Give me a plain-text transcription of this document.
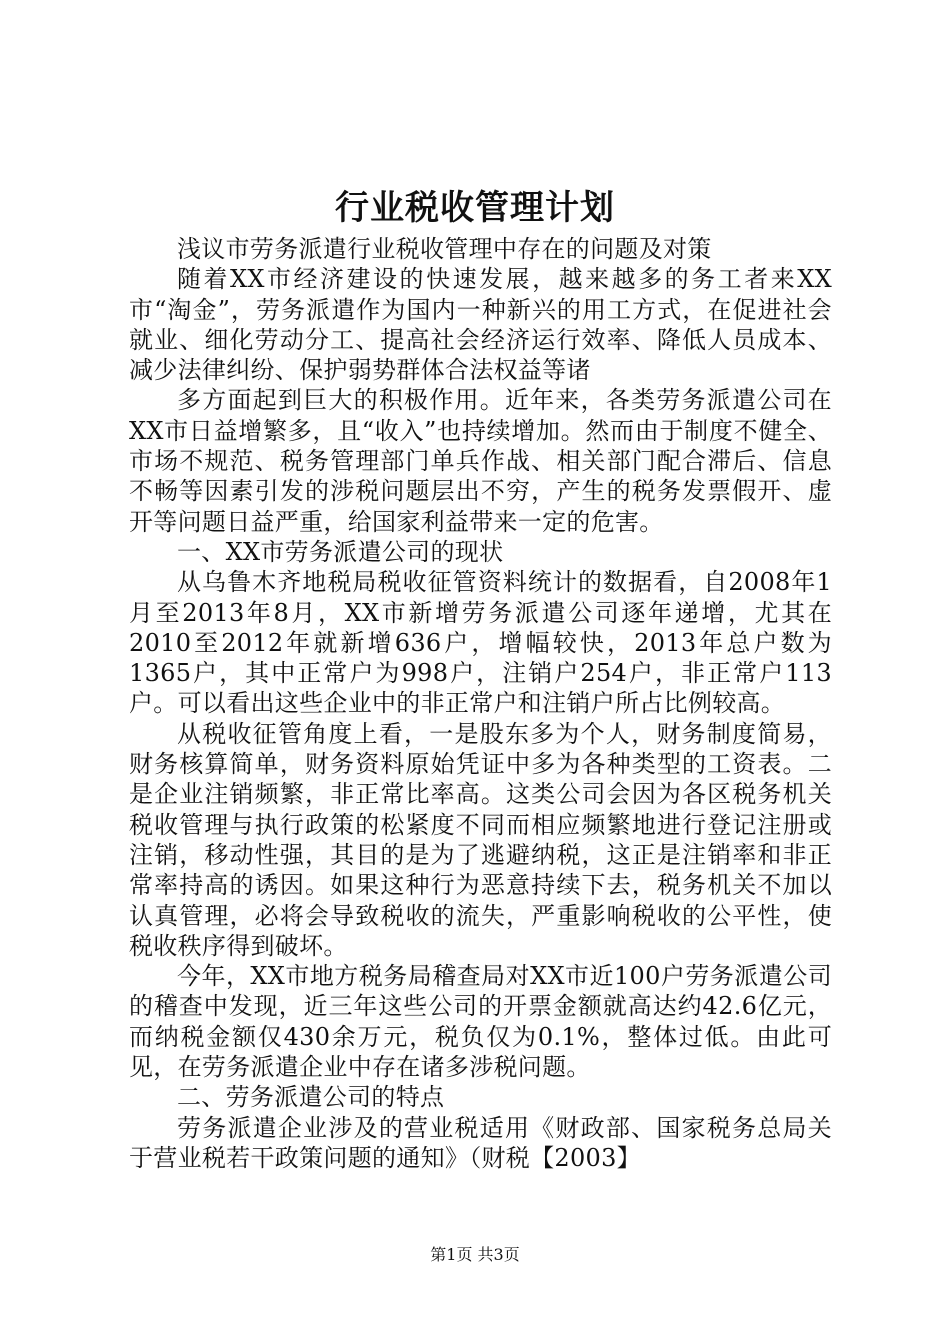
行业税收管理计划

浅议市劳务派遣行业税收管理中存在的问题及对策

随着XX市经济建设的快速发展，越来越多的务工者来XX市“淘金”，劳务派遣作为国内一种新兴的用工方式，在促进社会就业、细化劳动分工、提高社会经济运行效率、降低人员成本、减少法律纠纷、保护弱势群体合法权益等诸

多方面起到巨大的积极作用。近年来，各类劳务派遣公司在XX市日益增繁多，且“收入”也持续增加。然而由于制度不健全、市场不规范、税务管理部门单兵作战、相关部门配合滞后、信息不畅等因素引发的涉税问题层出不穷，产生的税务发票假开、虚开等问题日益严重，给国家利益带来一定的危害。

一、XX市劳务派遣公司的现状

从乌鲁木齐地税局税收征管资料统计的数据看，自2008年1月至2013年8月，XX市新增劳务派遣公司逐年递增，尤其在2010至2012年就新增636户，增幅较快，2013年总户数为1365户，其中正常户为998户，注销户254户，非正常户113户。可以看出这些企业中的非正常户和注销户所占比例较高。

从税收征管角度上看，一是股东多为个人，财务制度简易，财务核算简单，财务资料原始凭证中多为各种类型的工资表。二是企业注销频繁，非正常比率高。这类公司会因为各区税务机关税收管理与执行政策的松紧度不同而相应频繁地进行登记注册或注销，移动性强，其目的是为了逃避纳税，这正是注销率和非正常率持高的诱因。如果这种行为恶意持续下去，税务机关不加以认真管理，必将会导致税收的流失，严重影响税收的公平性，使税收秩序得到破坏。

今年，XX市地方税务局稽查局对XX市近100户劳务派遣公司的稽查中发现，近三年这些公司的开票金额就高达约42.6亿元，而纳税金额仅430余万元，税负仅为0.1%，整体过低。由此可见，在劳务派遣企业中存在诸多涉税问题。

二、劳务派遣公司的特点

劳务派遣企业涉及的营业税适用《财政部、国家税务总局关于营业税若干政策问题的通知》（财税【2003】

第1页 共3页
